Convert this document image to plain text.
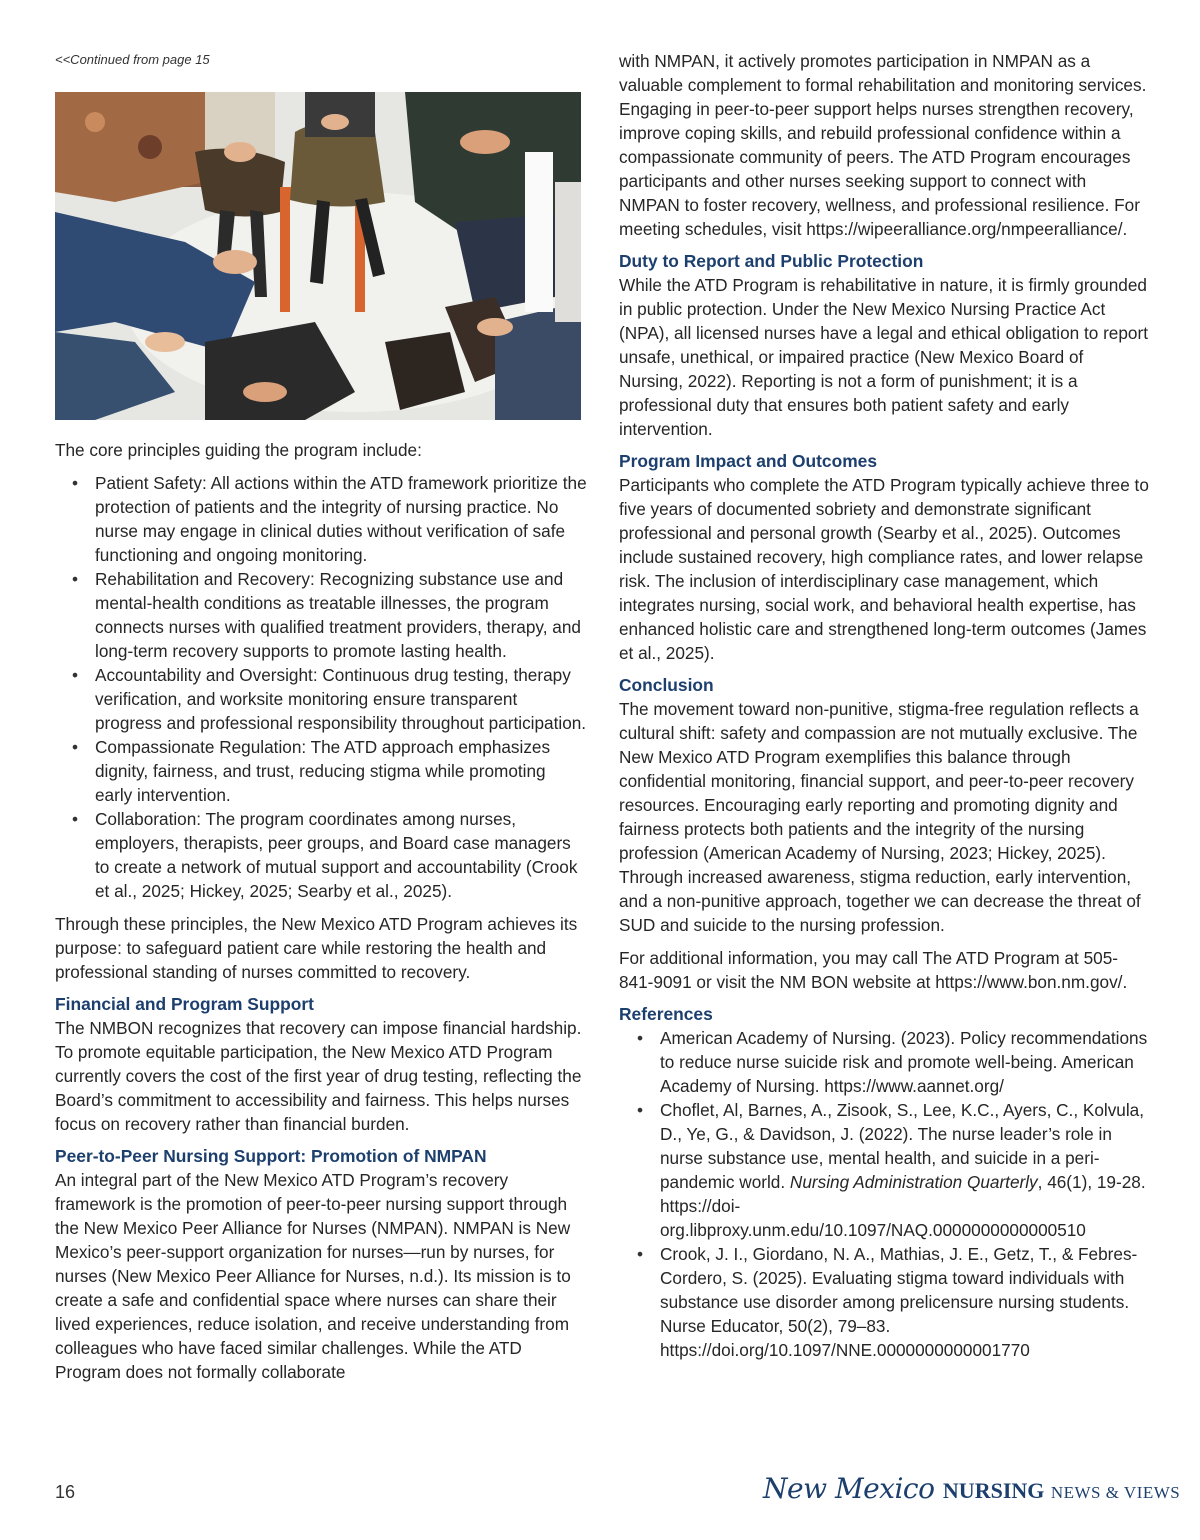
<<Continued from page 15

The core principles guiding the program include:

• Patient Safety: All actions within the ATD framework prioritize the protection of patients and the integrity of nursing practice. No nurse may engage in clinical duties without verification of safe functioning and ongoing monitoring.
• Rehabilitation and Recovery: Recognizing substance use and mental-health conditions as treatable illnesses, the program connects nurses with qualified treatment providers, therapy, and long-term recovery supports to promote lasting health.
• Accountability and Oversight: Continuous drug testing, therapy verification, and worksite monitoring ensure transparent progress and professional responsibility throughout participation.
• Compassionate Regulation: The ATD approach emphasizes dignity, fairness, and trust, reducing stigma while promoting early intervention.
• Collaboration: The program coordinates among nurses, employers, therapists, peer groups, and Board case managers to create a network of mutual support and accountability (Crook et al., 2025; Hickey, 2025; Searby et al., 2025).

Through these principles, the New Mexico ATD Program achieves its purpose: to safeguard patient care while restoring the health and professional standing of nurses committed to recovery.

Financial and Program Support

The NMBON recognizes that recovery can impose financial hardship. To promote equitable participation, the New Mexico ATD Program currently covers the cost of the first year of drug testing, reflecting the Board’s commitment to accessibility and fairness. This helps nurses focus on recovery rather than financial burden.

Peer-to-Peer Nursing Support: Promotion of NMPAN

An integral part of the New Mexico ATD Program’s recovery framework is the promotion of peer-to-peer nursing support through the New Mexico Peer Alliance for Nurses (NMPAN). NMPAN is New Mexico’s peer-support organization for nurses—run by nurses, for nurses (New Mexico Peer Alliance for Nurses, n.d.). Its mission is to create a safe and confidential space where nurses can share their lived experiences, reduce isolation, and receive understanding from colleagues who have faced similar challenges. While the ATD Program does not formally collaborate

with NMPAN, it actively promotes participation in NMPAN as a valuable complement to formal rehabilitation and monitoring services. Engaging in peer-to-peer support helps nurses strengthen recovery, improve coping skills, and rebuild professional confidence within a compassionate community of peers. The ATD Program encourages participants and other nurses seeking support to connect with NMPAN to foster recovery, wellness, and professional resilience. For meeting schedules, visit https://wipeeralliance.org/nmpeeralliance/.

Duty to Report and Public Protection

While the ATD Program is rehabilitative in nature, it is firmly grounded in public protection. Under the New Mexico Nursing Practice Act (NPA), all licensed nurses have a legal and ethical obligation to report unsafe, unethical, or impaired practice (New Mexico Board of Nursing, 2022). Reporting is not a form of punishment; it is a professional duty that ensures both patient safety and early intervention.

Program Impact and Outcomes

Participants who complete the ATD Program typically achieve three to five years of documented sobriety and demonstrate significant professional and personal growth (Searby et al., 2025). Outcomes include sustained recovery, high compliance rates, and lower relapse risk. The inclusion of interdisciplinary case management, which integrates nursing, social work, and behavioral health expertise, has enhanced holistic care and strengthened long-term outcomes (James et al., 2025).

Conclusion

The movement toward non-punitive, stigma-free regulation reflects a cultural shift: safety and compassion are not mutually exclusive. The New Mexico ATD Program exemplifies this balance through confidential monitoring, financial support, and peer-to-peer recovery resources. Encouraging early reporting and promoting dignity and fairness protects both patients and the integrity of the nursing profession (American Academy of Nursing, 2023; Hickey, 2025). Through increased awareness, stigma reduction, early intervention, and a non-punitive approach, together we can decrease the threat of SUD and suicide to the nursing profession.

For additional information, you may call The ATD Program at 505-841-9091 or visit the NM BON website at https://www.bon.nm.gov/.

References
• American Academy of Nursing. (2023). Policy recommendations to reduce nurse suicide risk and promote well-being. American Academy of Nursing. https://www.aannet.org/
• Choflet, Al, Barnes, A., Zisook, S., Lee, K.C., Ayers, C., Kolvula, D., Ye, G., & Davidson, J. (2022). The nurse leader’s role in nurse substance use, mental health, and suicide in a peri-pandemic world. Nursing Administration Quarterly, 46(1), 19-28. https://doi-org.libproxy.unm.edu/10.1097/NAQ.0000000000000510
• Crook, J. I., Giordano, N. A., Mathias, J. E., Getz, T., & Febres-Cordero, S. (2025). Evaluating stigma toward individuals with substance use disorder among prelicensure nursing students. Nurse Educator, 50(2), 79–83. https://doi.org/10.1097/NNE.0000000000001770
16	New Mexico NURSING NEWS & VIEWS
